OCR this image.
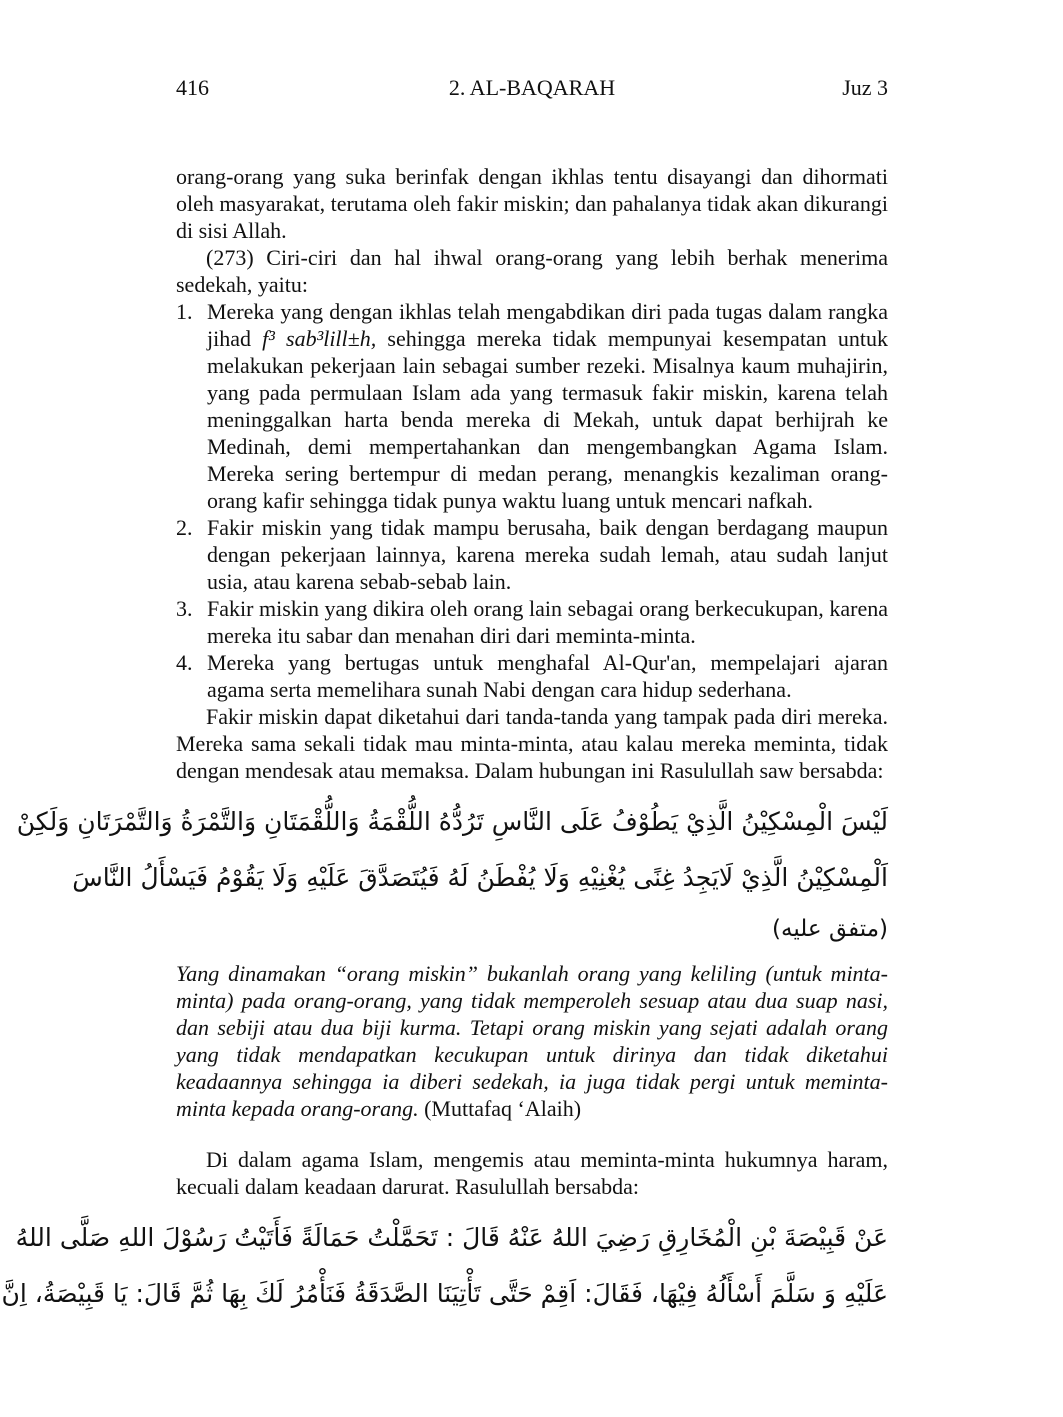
416	2. AL-BAQARAH	Juz 3

orang-orang yang suka berinfak dengan ikhlas tentu disayangi dan dihormati oleh masyarakat, terutama oleh fakir miskin; dan pahalanya tidak akan dikurangi di sisi Allah.

(273) Ciri-ciri dan hal ihwal orang-orang yang lebih berhak menerima sedekah, yaitu:

1. Mereka yang dengan ikhlas telah mengabdikan diri pada tugas dalam rangka jihad f³ sab³lill±h, sehingga mereka tidak mempunyai kesempatan untuk melakukan pekerjaan lain sebagai sumber rezeki. Misalnya kaum muhajirin, yang pada permulaan Islam ada yang termasuk fakir miskin, karena telah meninggalkan harta benda mereka di Mekah, untuk dapat berhijrah ke Medinah, demi mempertahankan dan mengembangkan Agama Islam. Mereka sering bertempur di medan perang, menangkis kezaliman orang-orang kafir sehingga tidak punya waktu luang untuk mencari nafkah.
2. Fakir miskin yang tidak mampu berusaha, baik dengan berdagang maupun dengan pekerjaan lainnya, karena mereka sudah lemah, atau sudah lanjut usia, atau karena sebab-sebab lain.
3. Fakir miskin yang dikira oleh orang lain sebagai orang berkecukupan, karena mereka itu sabar dan menahan diri dari meminta-minta.
4. Mereka yang bertugas untuk menghafal Al-Qur'an, mempelajari ajaran agama serta memelihara sunah Nabi dengan cara hidup sederhana.

Fakir miskin dapat diketahui dari tanda-tanda yang tampak pada diri mereka. Mereka sama sekali tidak mau minta-minta, atau kalau mereka meminta, tidak dengan mendesak atau memaksa. Dalam hubungan ini Rasulullah saw bersabda:

لَيْسَ الْمِسْكِيْنُ الَّذِيْ يَطُوْفُ عَلَى النَّاسِ تَرُدُّهُ اللُّقْمَةُ وَاللُّقْمَتَانِ وَالتَّمْرَةُ وَالتَّمْرَتَانِ وَلَكِنْ
اَلْمِسْكِيْنُ الَّذِيْ لَايَجِدُ غِنًى يُغْنِيْهِ وَلَا يُفْطَنُ لَهُ فَيُتَصَدَّقَ عَلَيْهِ وَلَا يَقُوْمُ فَيَسْأَلُ النَّاسَ
(متفق عليه)

Yang dinamakan “orang miskin” bukanlah orang yang keliling (untuk minta-minta) pada orang-orang, yang tidak memperoleh sesuap atau dua suap nasi, dan sebiji atau dua biji kurma. Tetapi orang miskin yang sejati adalah orang yang tidak mendapatkan kecukupan untuk dirinya dan tidak diketahui keadaannya sehingga ia diberi sedekah, ia juga tidak pergi untuk meminta-minta kepada orang-orang. (Muttafaq ‘Alaih)

Di dalam agama Islam, mengemis atau meminta-minta hukumnya haram, kecuali dalam keadaan darurat. Rasulullah bersabda:

عَنْ قَبِيْصَةَ بْنِ الْمُخَارِقِ رَضِيَ اللهُ عَنْهُ قَالَ : تَحَمَّلْتُ حَمَالَةً فَأَتَيْتُ رَسُوْلَ اللهِ صَلَّى اللهُ
عَلَيْهِ وَ سَلَّمَ أَسْأَلُهُ فِيْهَا، فَقَالَ: اَقِمْ حَتَّى تَأْتِيَنَا الصَّدَقَةُ فَنَأْمُرُ لَكَ بِهَا ثُمَّ قَالَ: يَا قَبِيْصَةُ، اِنَّ
